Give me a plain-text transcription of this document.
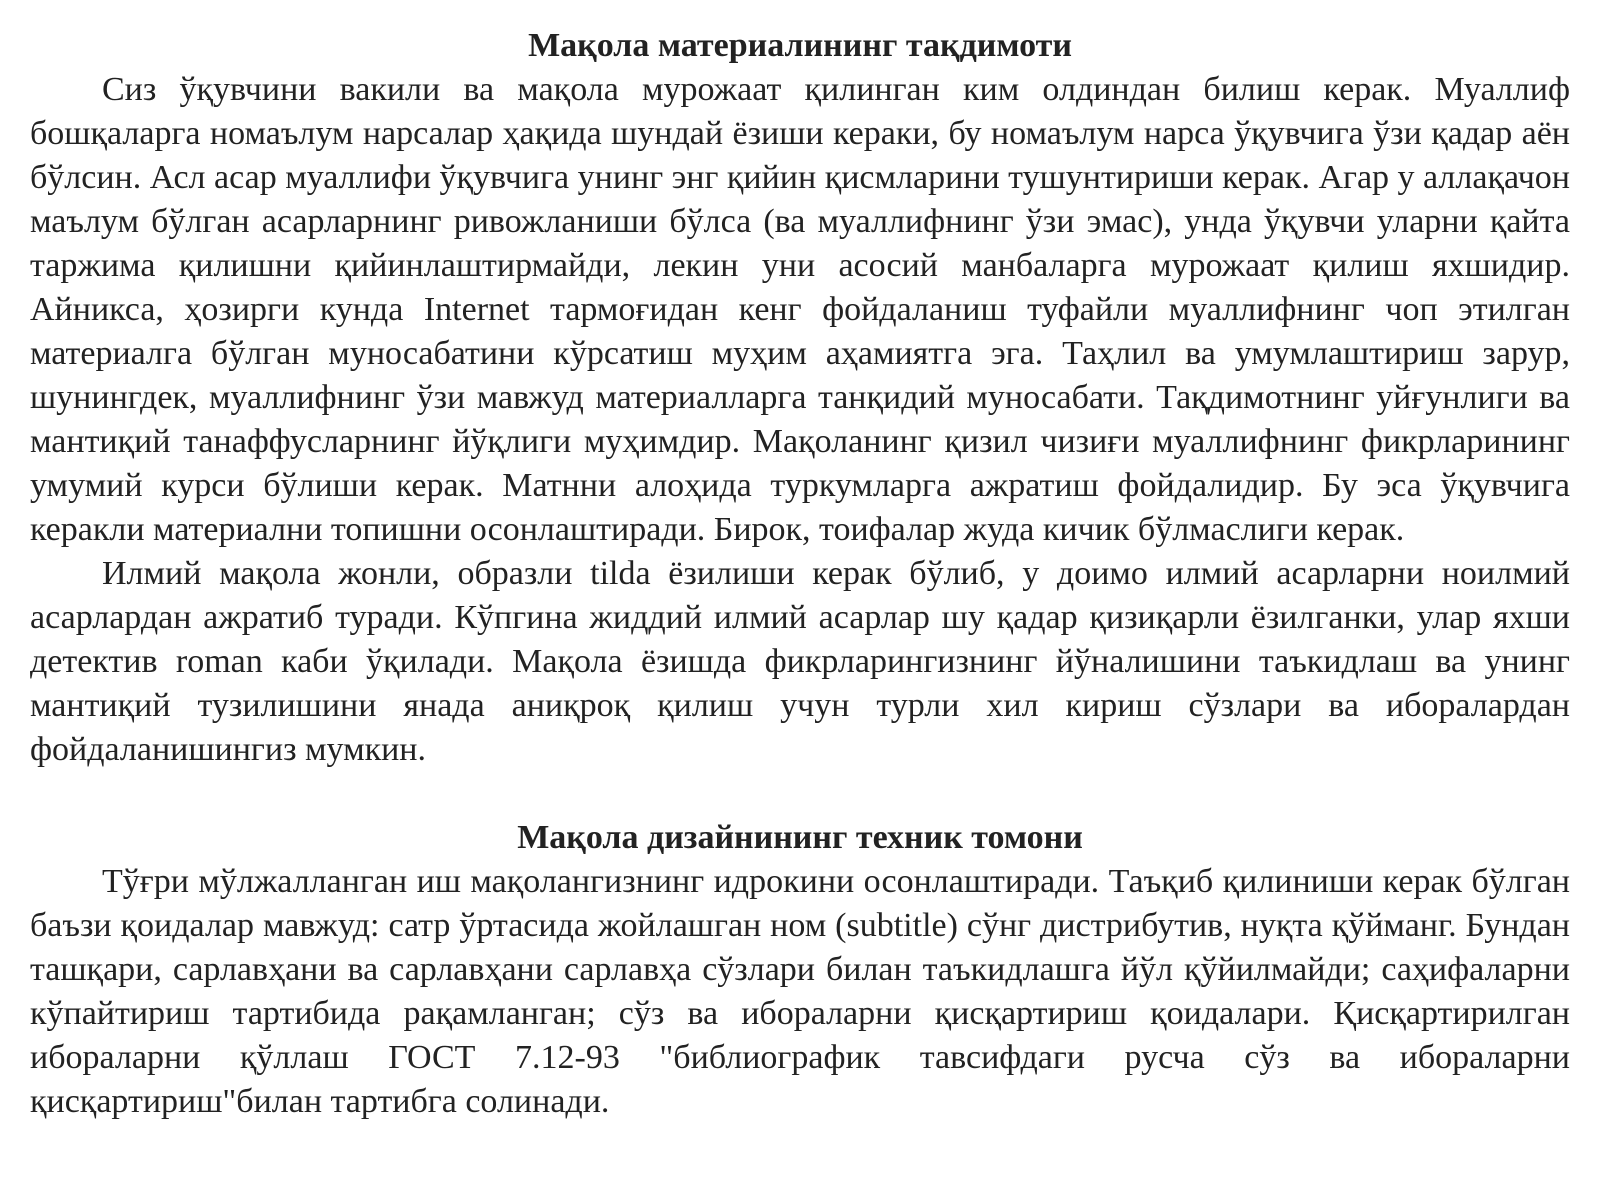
Мақола материалининг тақдимоти

Сиз ўқувчини вакили ва мақола мурожаат қилинган ким олдиндан билиш керак. Муаллиф бошқаларга номаълум нарсалар ҳақида шундай ёзиши кераки, бу номаълум нарса ўқувчига ўзи қадар аён бўлсин. Асл асар муаллифи ўқувчига унинг энг қийин қисмларини тушунтириши керак. Агар у аллақачон маълум бўлган асарларнинг ривожланиши бўлса (ва муаллифнинг ўзи эмас), унда ўқувчи уларни қайта таржима қилишни қийинлаштирмайди, лекин уни асосий манбаларга мурожаат қилиш яхшидир. Айникса, ҳозирги кунда Internet тармоғидан кенг фойдаланиш туфайли муаллифнинг чоп этилган материалга бўлган муносабатини кўрсатиш муҳим аҳамиятга эга. Таҳлил ва умумлаштириш зарур, шунингдек, муаллифнинг ўзи мавжуд материалларга танқидий муносабати. Тақдимотнинг уйғунлиги ва мантиқий танаффусларнинг йўқлиги муҳимдир. Мақоланинг қизил чизиғи муаллифнинг фикрларининг умумий курси бўлиши керак. Матнни алоҳида туркумларга ажратиш фойдалидир. Бу эса ўқувчига керакли материални топишни осонлаштиради. Бирок, тоифалар жуда кичик бўлмаслиги керак.

Илмий мақола жонли, образли tilda ёзилиши керак бўлиб, у доимо илмий асарларни ноилмий асарлардан ажратиб туради. Кўпгина жиддий илмий асарлар шу қадар қизиқарли ёзилганки, улар яхши детектив roman каби ўқилади. Мақола ёзишда фикрларингизнинг йўналишини таъкидлаш ва унинг мантиқий тузилишини янада аниқроқ қилиш учун турли хил кириш сўзлари ва иборалардан фойдаланишингиз мумкин.

Мақола дизайнининг техник томони

Тўғри мўлжалланган иш мақолангизнинг идрокини осонлаштиради. Таъқиб қилиниши керак бўлган баъзи қоидалар мавжуд: сатр ўртасида жойлашган ном (subtitle) сўнг дистрибутив, нуқта қўйманг. Бундан ташқари, сарлавҳани ва сарлавҳани сарлавҳа сўзлари билан таъкидлашга йўл қўйилмайди; саҳифаларни кўпайтириш тартибида рақамланган; сўз ва ибораларни қисқартириш қоидалари. Қисқартирилган ибораларни қўллаш ГОСТ 7.12-93 "библиографик тавсифдаги русча сўз ва ибораларни қисқартириш"билан тартибга солинади.
